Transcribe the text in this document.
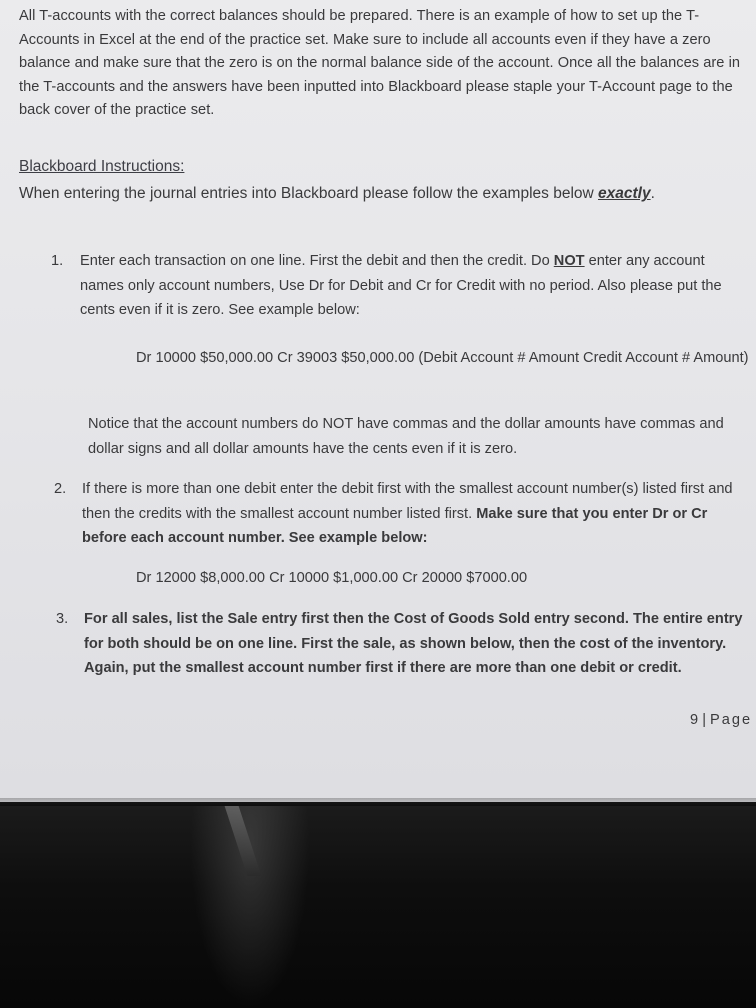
All T-accounts with the correct balances should be prepared. There is an example of how to set up the T-Accounts in Excel at the end of the practice set. Make sure to include all accounts even if they have a zero balance and make sure that the zero is on the normal balance side of the account. Once all the balances are in the T-accounts and the answers have been inputted into Blackboard please staple your T-Account page to the back cover of the practice set.

Blackboard Instructions:

When entering the journal entries into Blackboard please follow the examples below exactly.

1. Enter each transaction on one line. First the debit and then the credit. Do NOT enter any account names only account numbers, Use Dr for Debit and Cr for Credit with no period. Also please put the cents even if it is zero. See example below:

Dr 10000 $50,000.00 Cr 39003 $50,000.00 (Debit Account # Amount Credit Account # Amount)

Notice that the account numbers do NOT have commas and the dollar amounts have commas and dollar signs and all dollar amounts have the cents even if it is zero.

2. If there is more than one debit enter the debit first with the smallest account number(s) listed first and then the credits with the smallest account number listed first. Make sure that you enter Dr or Cr before each account number. See example below:

Dr 12000 $8,000.00 Cr 10000 $1,000.00 Cr 20000 $7000.00

3. For all sales, list the Sale entry first then the Cost of Goods Sold entry second. The entire entry for both should be on one line. First the sale, as shown below, then the cost of the inventory. Again, put the smallest account number first if there are more than one debit or credit.

9 | Page
